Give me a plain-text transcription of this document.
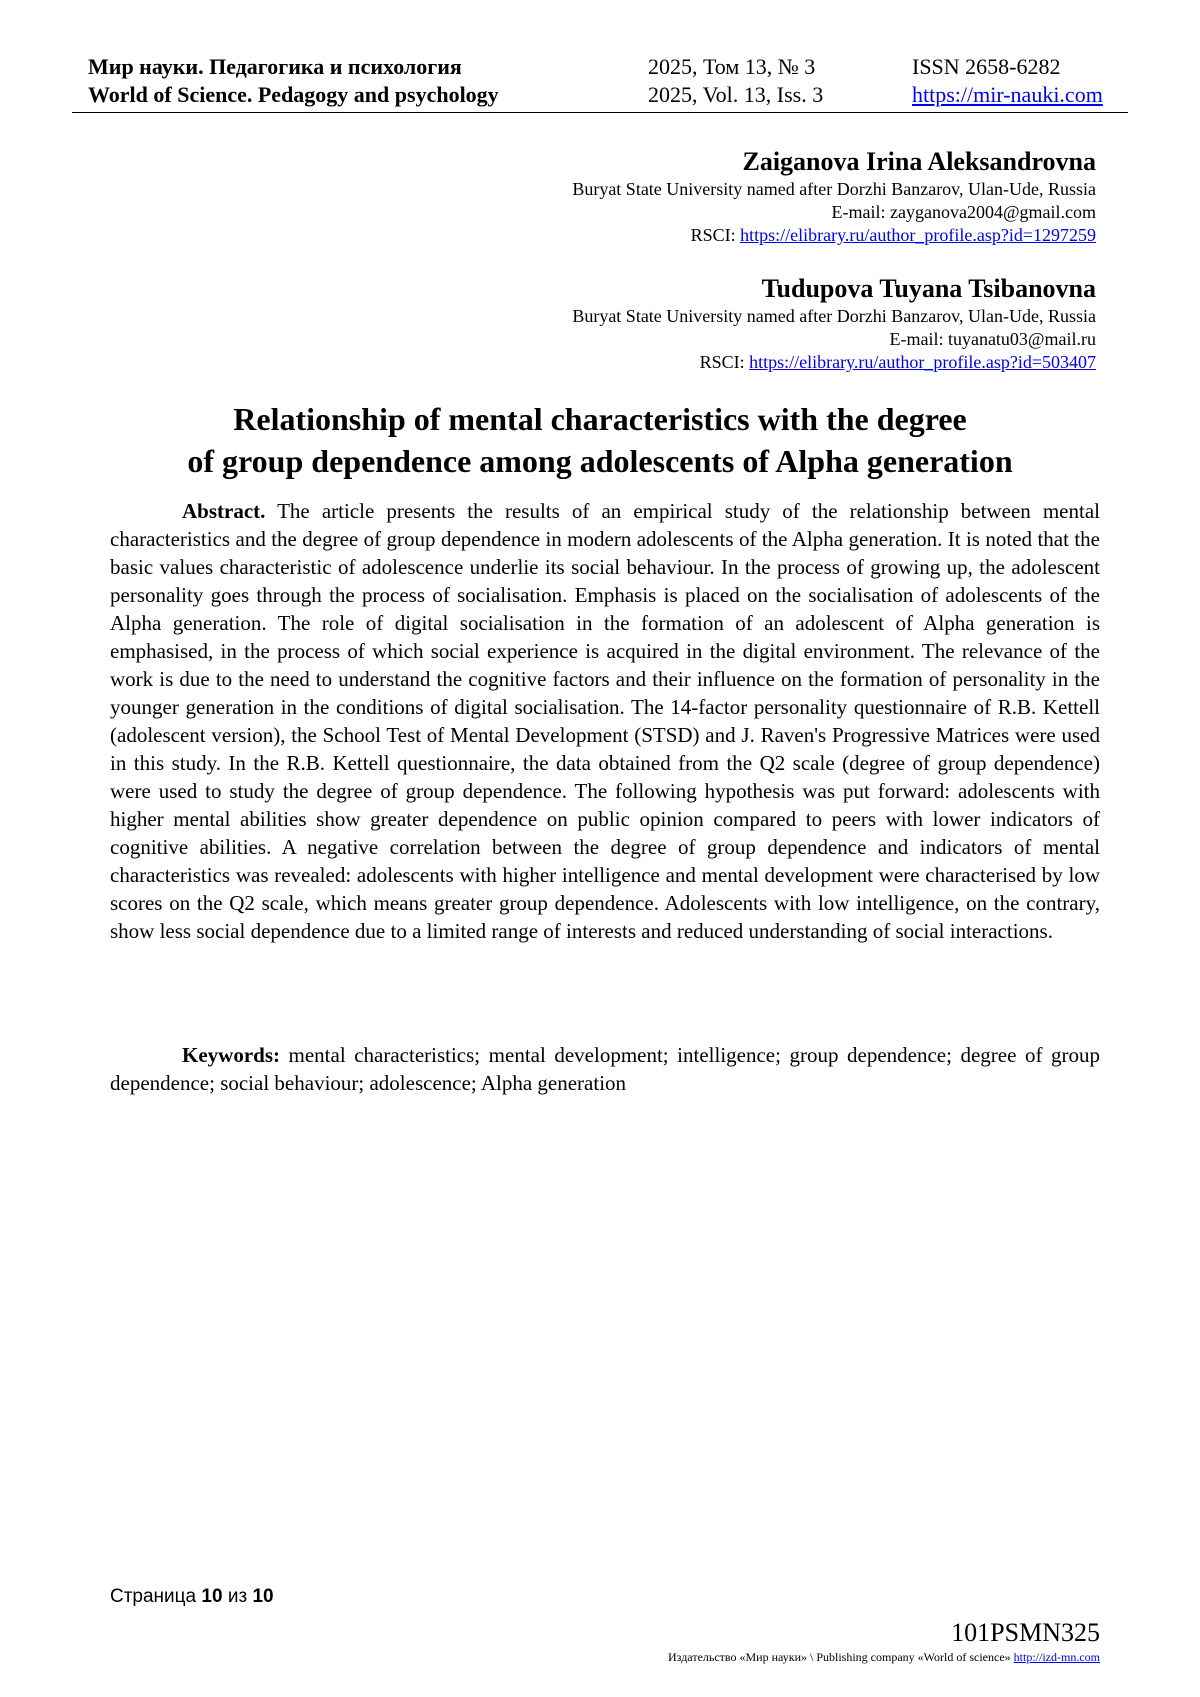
Мир науки. Педагогика и психология	2025, Том 13, № 3	ISSN 2658-6282
World of Science. Pedagogy and psychology	2025, Vol. 13, Iss. 3	https://mir-nauki.com
Zaiganova Irina Aleksandrovna
Buryat State University named after Dorzhi Banzarov, Ulan-Ude, Russia
E-mail: zayganova2004@gmail.com
RSCI: https://elibrary.ru/author_profile.asp?id=1297259
Tudupova Tuyana Tsibanovna
Buryat State University named after Dorzhi Banzarov, Ulan-Ude, Russia
E-mail: tuyanatu03@mail.ru
RSCI: https://elibrary.ru/author_profile.asp?id=503407
Relationship of mental characteristics with the degree
of group dependence among adolescents of Alpha generation

Abstract. The article presents the results of an empirical study of the relationship between mental characteristics and the degree of group dependence in modern adolescents of the Alpha generation. It is noted that the basic values characteristic of adolescence underlie its social behaviour. In the process of growing up, the adolescent personality goes through the process of socialisation. Emphasis is placed on the socialisation of adolescents of the Alpha generation. The role of digital socialisation in the formation of an adolescent of Alpha generation is emphasised, in the process of which social experience is acquired in the digital environment. The relevance of the work is due to the need to understand the cognitive factors and their influence on the formation of personality in the younger generation in the conditions of digital socialisation. The 14-factor personality questionnaire of R.B. Kettell (adolescent version), the School Test of Mental Development (STSD) and J. Raven's Progressive Matrices were used in this study. In the R.B. Kettell questionnaire, the data obtained from the Q2 scale (degree of group dependence) were used to study the degree of group dependence. The following hypothesis was put forward: adolescents with higher mental abilities show greater dependence on public opinion compared to peers with lower indicators of cognitive abilities. A negative correlation between the degree of group dependence and indicators of mental characteristics was revealed: adolescents with higher intelligence and mental development were characterised by low scores on the Q2 scale, which means greater group dependence. Adolescents with low intelligence, on the contrary, show less social dependence due to a limited range of interests and reduced understanding of social interactions.

Keywords: mental characteristics; mental development; intelligence; group dependence; degree of group dependence; social behaviour; adolescence; Alpha generation

Страница 10 из 10
101PSMN325
Издательство «Мир науки» \ Publishing company «World of science» http://izd-mn.com
